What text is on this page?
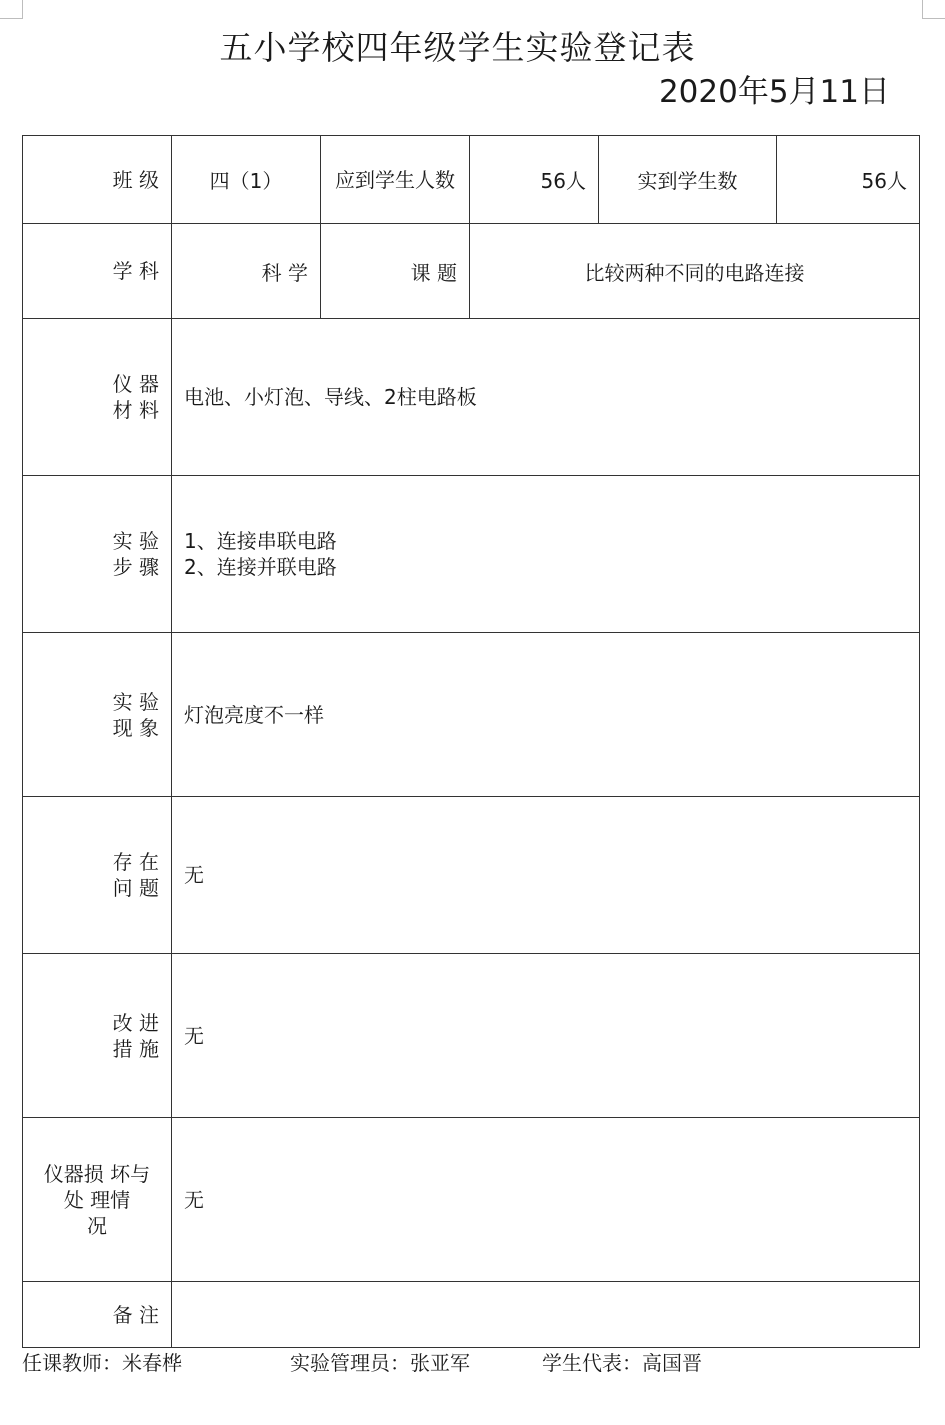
五小学校四年级学生实验登记表
2020年5月11日
班 级	四（1）	应到学生人数	56人	实到学生数	56人
学 科	科 学	课 题	比较两种不同的电路连接		
仪 器
材 料	电池、小灯泡、导线、2柱电路板				
实 验
步 骤	1、连接串联电路
2、连接并联电路				
实 验
现 象	灯泡亮度不一样				
存 在
问 题	无				
改 进
措 施	无				
仪器损 坏与
处 理情
况	无				
备 注					
任课教师：米春桦	实验管理员：张亚军	学生代表：高国晋
